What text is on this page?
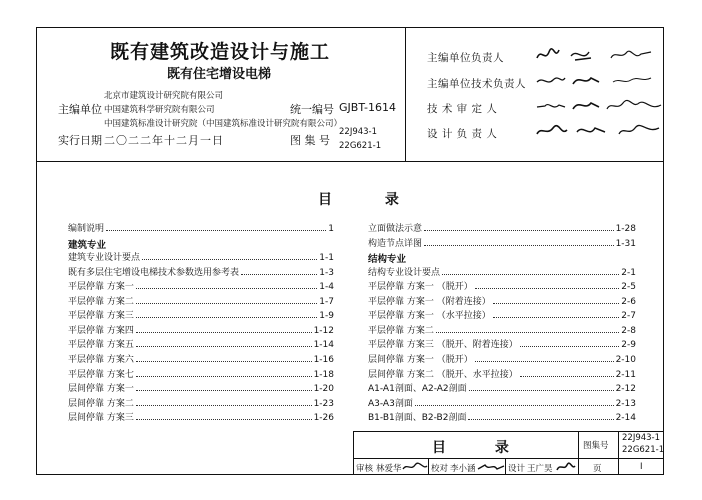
既有建筑改造设计与施工
既有住宅增设电梯
主编单位
北京市建筑设计研究院有限公司
中国建筑科学研究院有限公司
中国建筑标准设计研究院（中国建筑标准设计研究院有限公司）
统一编号 GJBT-1614
实行日期 二〇二二年十二月一日	图 集 号
22J943-1
22G621-1
主编单位负责人
主编单位技术负责人
技 术 审 定 人
设 计 负 责 人
目 录
编制说明	1
建筑专业
建筑专业设计要点	1-1
既有多层住宅增设电梯技术参数选用参考表	1-3
平层停靠 方案一	1-4
平层停靠 方案二	1-7
平层停靠 方案三	1-9
平层停靠 方案四	1-12
平层停靠 方案五	1-14
平层停靠 方案六	1-16
平层停靠 方案七	1-18
层间停靠 方案一	1-20
层间停靠 方案二	1-23
层间停靠 方案三	1-26
立面做法示意	1-28
构造节点详图	1-31
结构专业
结构专业设计要点	2-1
平层停靠 方案一 （脱开）	2-5
平层停靠 方案一 （附着连接）	2-6
平层停靠 方案一 （水平拉接）	2-7
平层停靠 方案二	2-8
平层停靠 方案三 （脱开、附着连接）	2-9
层间停靠 方案一 （脱开）	2-10
层间停靠 方案二 （脱开、水平拉接）	2-11
A1-A1剖面、A2-A2剖面	2-12
A3-A3剖面	2-13
B1-B1剖面、B2-B2剖面	2-14
目 录	图集号
22J943-1
22G621-1
审核 林爱华	校对 李小涵	设计 王广昊	页	I
